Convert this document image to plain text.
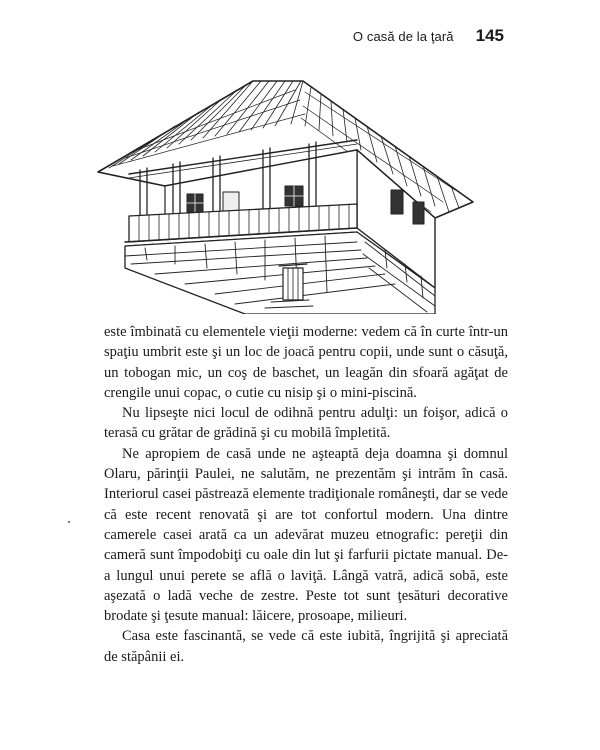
O casă de la ţară 145

este îmbinată cu elementele vieţii moderne: vedem că în curte într-un spaţiu umbrit este şi un loc de joacă pentru copii, unde sunt o căsuţă, un tobogan mic, un coş de baschet, un leagăn din sfoară agăţat de crengile unui copac, o cutie cu nisip şi o mini-piscină.

Nu lipseşte nici locul de odihnă pentru adulţi: un foişor, adică o terasă cu grătar de grădină şi cu mobilă împletită.

Ne apropiem de casă unde ne aşteaptă deja doamna şi domnul Olaru, părinţii Paulei, ne salutăm, ne prezentăm şi intrăm în casă. Interiorul casei păstrează elemente tradiţionale româneşti, dar se vede că este recent renovată şi are tot confortul modern. Una dintre camerele casei arată ca un adevărat muzeu etnografic: pereţii din cameră sunt împodobiţi cu oale din lut şi farfurii pictate manual. De-a lungul unui perete se află o laviţă. Lângă vatră, adică sobă, este aşezată o ladă veche de zestre. Peste tot sunt ţesături decorative brodate şi ţesute manual: lăicere, prosoape, milieuri.

Casa este fascinantă, se vede că este iubită, îngrijită şi apreciată de stăpânii ei.
